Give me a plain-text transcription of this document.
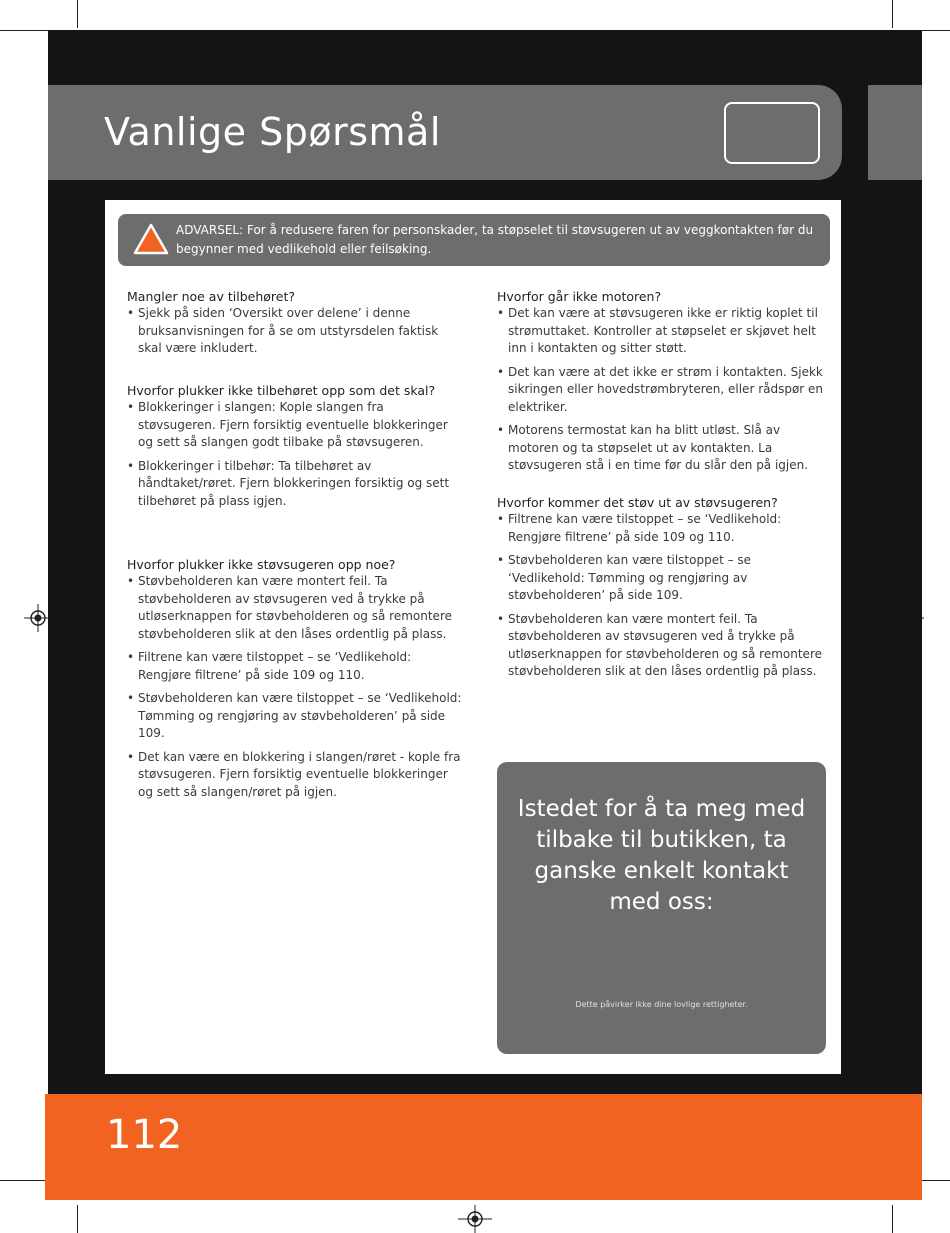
Vanlige Spørsmål
ADVARSEL: For å redusere faren for personskader, ta støpselet til støvsugeren ut av veggkontakten før du begynner med vedlikehold eller feilsøking.
Mangler noe av tilbehøret?
• Sjekk på siden ‘Oversikt over delene’ i denne bruksanvisningen for å se om utstyrsdelen faktisk skal være inkludert.
Hvorfor plukker ikke tilbehøret opp som det skal?
• Blokkeringer i slangen: Kople slangen fra støvsugeren. Fjern forsiktig eventuelle blokkeringer og sett så slangen godt tilbake på støvsugeren.
• Blokkeringer i tilbehør: Ta tilbehøret av håndtaket/røret. Fjern blokkeringen forsiktig og sett tilbehøret på plass igjen.
Hvorfor plukker ikke støvsugeren opp noe?
• Støvbeholderen kan være montert feil. Ta støvbeholderen av støvsugeren ved å trykke på utløserknappen for støvbeholderen og så remontere støvbeholderen slik at den låses ordentlig på plass.
• Filtrene kan være tilstoppet – se ‘Vedlikehold: Rengjøre filtrene’ på side 109 og 110.
• Støvbeholderen kan være tilstoppet – se ‘Vedlikehold: Tømming og rengjøring av støvbeholderen’ på side 109.
• Det kan være en blokkering i slangen/røret - kople fra støvsugeren. Fjern forsiktig eventuelle blokkeringer og sett så slangen/røret på igjen.
Hvorfor går ikke motoren?
• Det kan være at støvsugeren ikke er riktig koplet til strømuttaket. Kontroller at støpselet er skjøvet helt inn i kontakten og sitter støtt.
• Det kan være at det ikke er strøm i kontakten. Sjekk sikringen eller hovedstrømbryteren, eller rådspør en elektriker.
• Motorens termostat kan ha blitt utløst. Slå av motoren og ta støpselet ut av kontakten. La støvsugeren stå i en time før du slår den på igjen.
Hvorfor kommer det støv ut av støvsugeren?
• Filtrene kan være tilstoppet – se ‘Vedlikehold: Rengjøre filtrene’ på side 109 og 110.
• Støvbeholderen kan være tilstoppet – se ‘Vedlikehold: Tømming og rengjøring av støvbeholderen’ på side 109.
• Støvbeholderen kan være montert feil. Ta støvbeholderen av støvsugeren ved å trykke på utløserknappen for støvbeholderen og så remontere støvbeholderen slik at den låses ordentlig på plass.
Istedet for å ta meg med tilbake til butikken, ta ganske enkelt kontakt med oss:
Dette påvirker ikke dine lovlige rettigheter.
112
